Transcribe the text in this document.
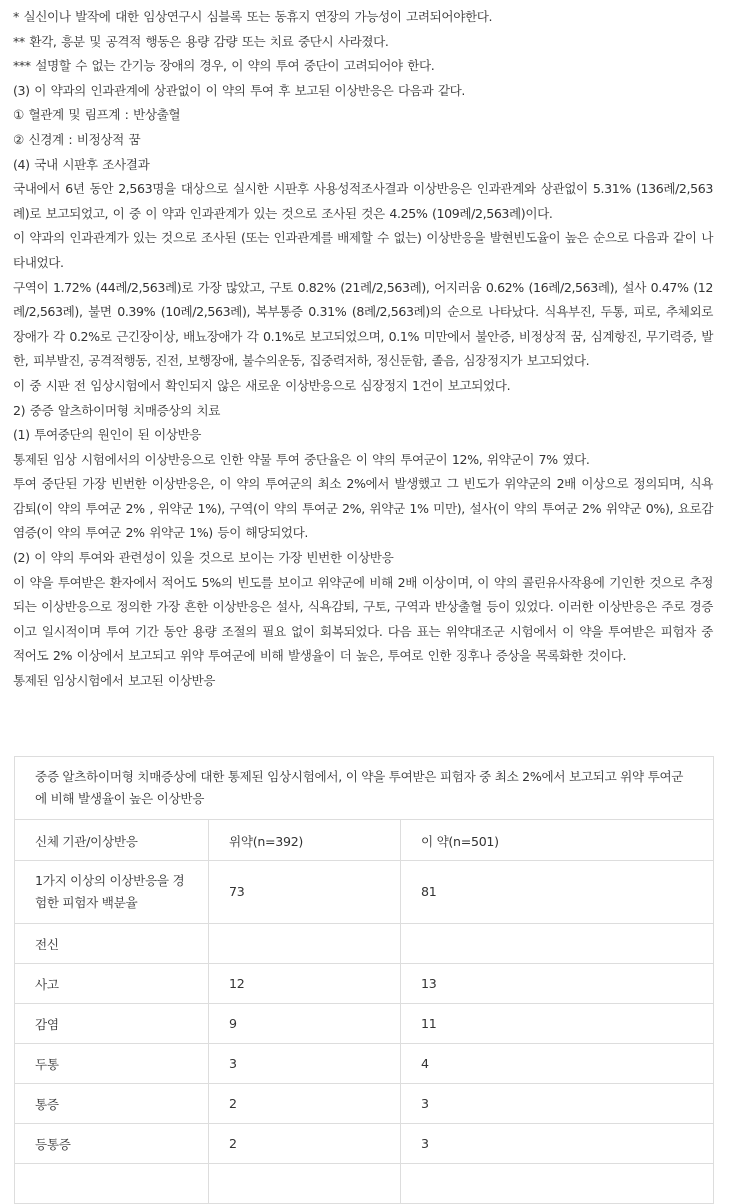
* 실신이나 발작에 대한 임상연구시 심블록 또는 동휴지 연장의 가능성이 고려되어야한다.

** 환각, 흥분 및 공격적 행동은 용량 감량 또는 치료 중단시 사라졌다.

*** 설명할 수 없는 간기능 장애의 경우, 이 약의 투여 중단이 고려되어야 한다.

(3) 이 약과의 인과관계에 상관없이 이 약의 투여 후 보고된 이상반응은 다음과 같다.

① 혈관계 및 림프계 : 반상출혈

② 신경계 : 비정상적 꿈

(4) 국내 시판후 조사결과

국내에서 6년 동안 2,563명을 대상으로 실시한 시판후 사용성적조사결과 이상반응은 인과관계와 상관없이 5.31% (136례/2,563례)로 보고되었고, 이 중 이 약과 인과관계가 있는 것으로 조사된 것은 4.25% (109례/2,563례)이다.

이 약과의 인과관계가 있는 것으로 조사된 (또는 인과관계를 배제할 수 없는) 이상반응을 발현빈도율이 높은 순으로 다음과 같이 나타내었다.

구역이 1.72% (44례/2,563례)로 가장 많았고, 구토 0.82% (21례/2,563례), 어지러움 0.62% (16례/2,563례), 설사 0.47% (12례/2,563례), 불면 0.39% (10례/2,563례), 복부통증 0.31% (8례/2,563례)의 순으로 나타났다. 식욕부진, 두통, 피로, 추체외로장애가 각 0.2%로 근긴장이상, 배뇨장애가 각 0.1%로 보고되었으며, 0.1% 미만에서 불안증, 비정상적 꿈, 심계항진, 무기력증, 발한, 피부발진, 공격적행동, 진전, 보행장애, 불수의운동, 집중력저하, 정신둔함, 졸음, 심장정지가 보고되었다.

이 중 시판 전 임상시험에서 확인되지 않은 새로운 이상반응으로 심장정지 1건이 보고되었다.

2) 중증 알츠하이머형 치매증상의 치료

(1) 투여중단의 원인이 된 이상반응

통제된 임상 시험에서의 이상반응으로 인한 약물 투여 중단율은 이 약의 투여군이 12%, 위약군이 7% 였다.

투여 중단된 가장 빈번한 이상반응은, 이 약의 투여군의 최소 2%에서 발생했고 그 빈도가 위약군의 2배 이상으로 정의되며, 식욕감퇴(이 약의 투여군 2% , 위약군 1%), 구역(이 약의 투여군 2%, 위약군 1% 미만), 설사(이 약의 투여군 2% 위약군 0%), 요로감염증(이 약의 투여군 2% 위약군 1%) 등이 해당되었다.

(2) 이 약의 투여와 관련성이 있을 것으로 보이는 가장 빈번한 이상반응

이 약을 투여받은 환자에서 적어도 5%의 빈도를 보이고 위약군에 비해 2배 이상이며, 이 약의 콜린유사작용에 기인한 것으로 추정되는 이상반응으로 정의한 가장 흔한 이상반응은 설사, 식욕감퇴, 구토, 구역과 반상출혈 등이 있었다. 이러한 이상반응은 주로 경증이고 일시적이며 투여 기간 동안 용량 조절의 필요 없이 회복되었다. 다음 표는 위약대조군 시험에서 이 약을 투여받은 피험자 중 적어도 2% 이상에서 보고되고 위약 투여군에 비해 발생율이 더 높은, 투여로 인한 징후나 증상을 목록화한 것이다.

통제된 임상시험에서 보고된 이상반응

중증 알츠하이머형 치매증상에 대한 통제된 임상시험에서, 이 약을 투여받은 피험자 중 최소 2%에서 보고되고 위약 투여군에 비해 발생율이 높은 이상반응		
신체 기관/이상반응	위약(n=392)	이 약(n=501)
1가지 이상의 이상반응을 경험한 피험자 백분율	73	81
전신		
사고	12	13
감염	9	11
두통	3	4
통증	2	3
등통증	2	3
